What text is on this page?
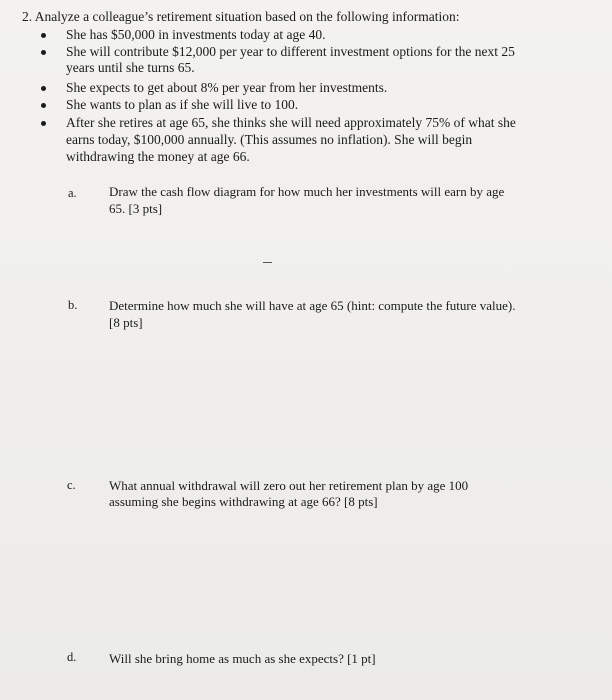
2. Analyze a colleague’s retirement situation based on the following information:
She has $50,000 in investments today at age 40.
She will contribute $12,000 per year to different investment options for the next 25
years until she turns 65.
She expects to get about 8% per year from her investments.
She wants to plan as if she will live to 100.
After she retires at age 65, she thinks she will need approximately 75% of what she
earns today, $100,000 annually. (This assumes no inflation). She will begin
withdrawing the money at age 66.
a. Draw the cash flow diagram for how much her investments will earn by age
65. [3 pts]
b. Determine how much she will have at age 65 (hint: compute the future value).
[8 pts]
c.	What annual withdrawal will zero out her retirement plan by age 100
assuming she begins withdrawing at age 66? [8 pts]
d.	Will she bring home as much as she expects? [1 pt]
